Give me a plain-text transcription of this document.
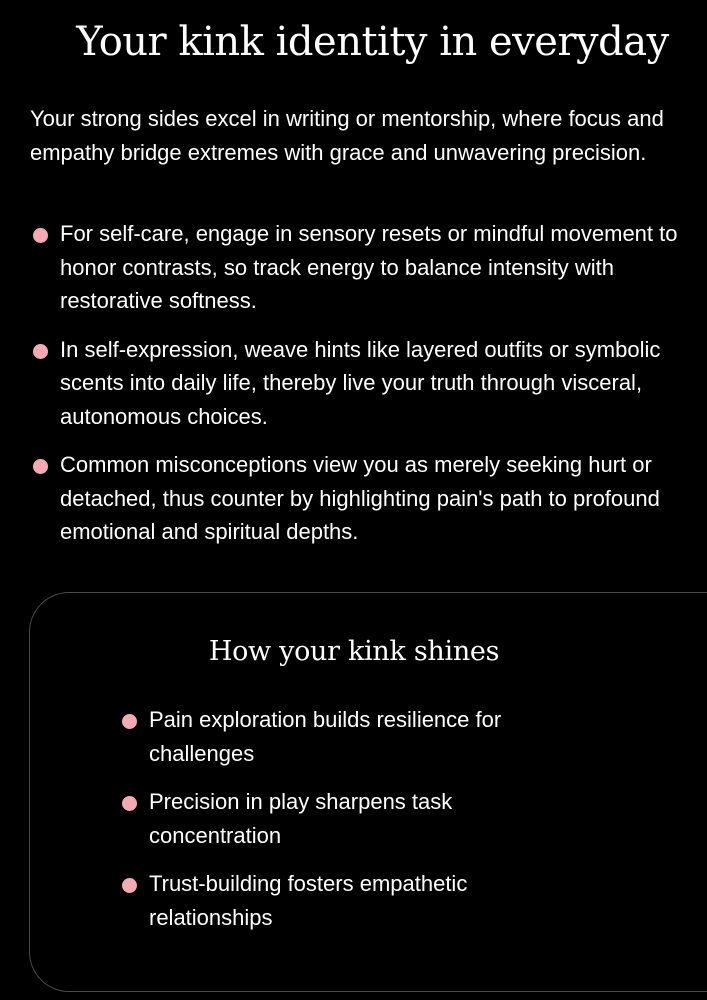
Your kink identity in everyday

Your strong sides excel in writing or mentorship, where focus and empathy bridge extremes with grace and unwavering precision.

For self-care, engage in sensory resets or mindful movement to honor contrasts, so track energy to balance intensity with restorative softness.
In self-expression, weave hints like layered outfits or symbolic scents into daily life, thereby live your truth through visceral, autonomous choices.
Common misconceptions view you as merely seeking hurt or detached, thus counter by highlighting pain's path to profound emotional and spiritual depths.
How your kink shines
Pain exploration builds resilience for challenges
Precision in play sharpens task concentration
Trust-building fosters empathetic relationships
